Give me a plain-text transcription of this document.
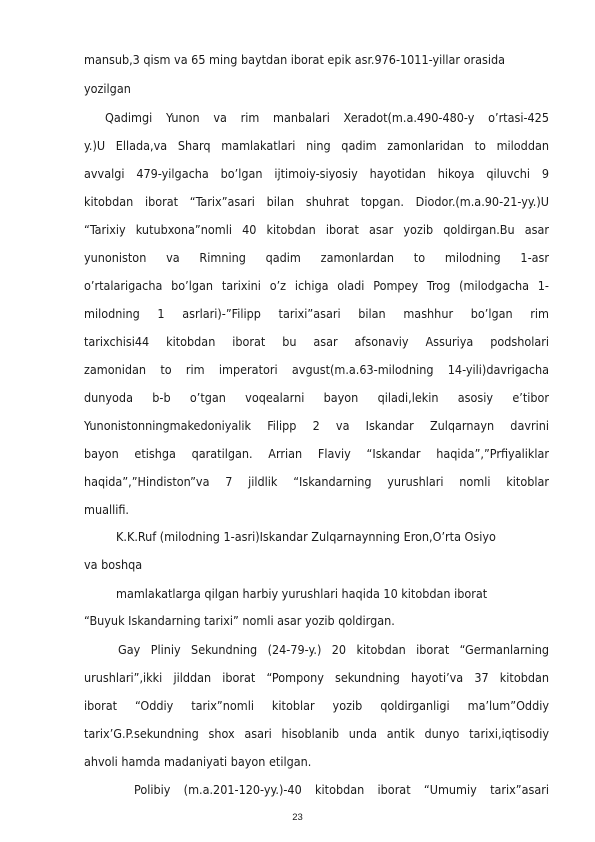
mansub,3 qism va 65 ming baytdan iborat epik asr.976-1011-yillar orasida
yozilgan
Qadimgi Yunon va rim manbalari Xeradot(m.a.490-480-y o’rtasi-425
y.)U Ellada,va Sharq mamlakatlari ning qadim zamonlaridan to miloddan
avvalgi 479-yilgacha bo’lgan ijtimoiy-siyosiy hayotidan hikoya qiluvchi 9
kitobdan iborat “Tarix”asari bilan shuhrat topgan. Diodor.(m.a.90-21-yy.)U
“Tarixiy kutubxona”nomli 40 kitobdan iborat asar yozib qoldirgan.Bu asar
yunoniston va Rimning qadim zamonlardan to milodning 1-asr
o’rtalarigacha bo’lgan tarixini o’z ichiga oladi Pompey Trog (milodgacha 1-
milodning 1 asrlari)-”Filipp tarixi”asari bilan mashhur bo’lgan rim
tarixchisi44 kitobdan iborat bu asar afsonaviy Assuriya podsholari
zamonidan to rim imperatori avgust(m.a.63-milodning 14-yili)davrigacha
dunyoda b-b o’tgan voqealarni bayon qiladi,lekin asosiy e’tibor
Yunonistonningmakedoniyalik Filipp 2 va Iskandar Zulqarnayn davrini
bayon etishga qaratilgan. Arrian Flaviy “Iskandar haqida”,”Prfiyaliklar
haqida”,”Hindiston”va 7 jildlik “Iskandarning yurushlari nomli kitoblar
muallifi.
K.K.Ruf (milodning 1-asri)Iskandar Zulqarnaynning Eron,O’rta Osiyo
va boshqa
mamlakatlarga qilgan harbiy yurushlari haqida 10 kitobdan iborat
“Buyuk Iskandarning tarixi” nomli asar yozib qoldirgan.
Gay Pliniy Sekundning (24-79-y.) 20 kitobdan iborat “Germanlarning
urushlari”,ikki jilddan iborat “Pompony sekundning hayoti’va 37 kitobdan
iborat “Oddiy tarix”nomli kitoblar yozib qoldirganligi ma’lum”Oddiy
tarix’G.P.sekundning shox asari hisoblanib unda antik dunyo tarixi,iqtisodiy
ahvoli hamda madaniyati bayon etilgan.
Polibiy (m.a.201-120-yy.)-40 kitobdan iborat “Umumiy tarix”asari
23
